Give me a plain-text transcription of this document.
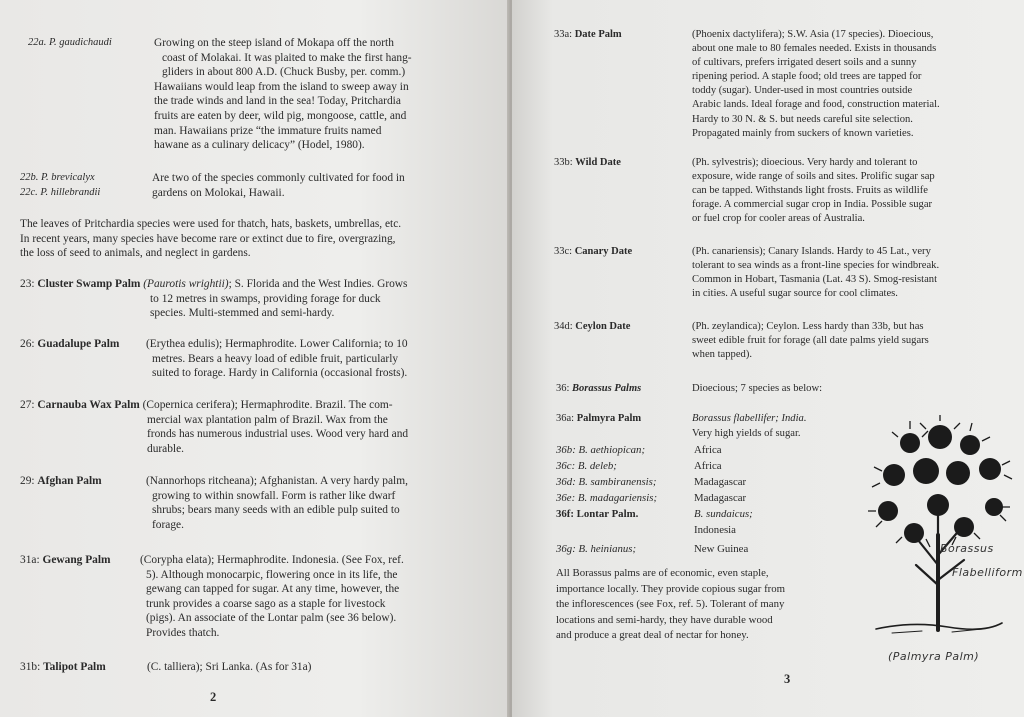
22a. P. gaudichaudi	Growing on the steep island of Mokapa off the north
coast of Molakai. It was plaited to make the first hang-
gliders in about 800 A.D. (Chuck Busby, per. comm.)
Hawaiians would leap from the island to sweep away in
the trade winds and land in the sea! Today, Pritchardia
fruits are eaten by deer, wild pig, mongoose, cattle, and
man. Hawaiians prize “the immature fruits named
hawane as a culinary delicacy” (Hodel, 1980).
22b. P. brevicalyx
22c. P. hillebrandii
Are two of the species commonly cultivated for food in
gardens on Molokai, Hawaii.
The leaves of Pritchardia species were used for thatch, hats, baskets, umbrellas, etc.
In recent years, many species have become rare or extinct due to fire, overgrazing,
the loss of seed to animals, and neglect in gardens.
23: Cluster Swamp Palm (Paurotis wrightii); S. Florida and the West Indies. Grows
to 12 metres in swamps, providing forage for duck
species. Multi-stemmed and semi-hardy.
26: Guadalupe Palm (Erythea edulis); Hermaphrodite. Lower California; to 10
metres. Bears a heavy load of edible fruit, particularly
suited to forage. Hardy in California (occasional frosts).
27: Carnauba Wax Palm (Copernica cerifera); Hermaphrodite. Brazil. The com-
mercial wax plantation palm of Brazil. Wax from the
fronds has numerous industrial uses. Wood very hard and
durable.
29: Afghan Palm	(Nannorhops ritcheana); Afghanistan. A very hardy palm,
growing to within snowfall. Form is rather like dwarf
shrubs; bears many seeds with an edible pulp suited to
forage.
31a: Gewang Palm	(Corypha elata); Hermaphrodite. Indonesia. (See Fox, ref.
5). Although monocarpic, flowering once in its life, the
gewang can tapped for sugar. At any time, however, the
trunk provides a coarse sago as a staple for livestock
(pigs). An associate of the Lontar palm (see 36 below).
Provides thatch.
31b: Talipot Palm	(C. talliera); Sri Lanka. (As for 31a)
2
33a: Date Palm	(Phoenix dactylifera); S.W. Asia (17 species). Dioecious,
about one male to 80 females needed. Exists in thousands
of cultivars, prefers irrigated desert soils and a sunny
ripening period. A staple food; old trees are tapped for
toddy (sugar). Under-used in most countries outside
Arabic lands. Ideal forage and food, construction material.
Hardy to 30 N. & S. but needs careful site selection.
Propagated mainly from suckers of known varieties.
33b: Wild Date	(Ph. sylvestris); dioecious. Very hardy and tolerant to
exposure, wide range of soils and sites. Prolific sugar sap
can be tapped. Withstands light frosts. Fruits as wildlife
forage. A commercial sugar crop in India. Possible sugar
or fuel crop for cooler areas of Australia.
33c: Canary Date	(Ph. canariensis); Canary Islands. Hardy to 45 Lat., very
tolerant to sea winds as a front-line species for windbreak.
Common in Hobart, Tasmania (Lat. 43 S). Smog-resistant
in cities. A useful sugar source for cool climates.
34d: Ceylon Date	(Ph. zeylandica); Ceylon. Less hardy than 33b, but has
sweet edible fruit for forage (all date palms yield sugars
when tapped).
36: Borassus Palms	Dioecious; 7 species as below:
36a: Palmyra Palm	Borassus flabellifer; India.
Very high yields of sugar.
36b: B. aethiopican;	Africa
36c: B. deleb;	Africa
36d: B. sambiranensis;	Madagascar
36e: B. madagariensis;	Madagascar
36f: Lontar Palm.	B. sundaicus;
Indonesia
36g: B. heinianus;	New Guinea
All Borassus palms are of economic, even staple,
importance locally. They provide copious sugar from
the inflorescences (see Fox, ref. 5). Tolerant of many
locations and semi-hardy, they have durable wood
and produce a great deal of nectar for honey.
Borassus
Flabelliform
(Palmyra Palm)
3
